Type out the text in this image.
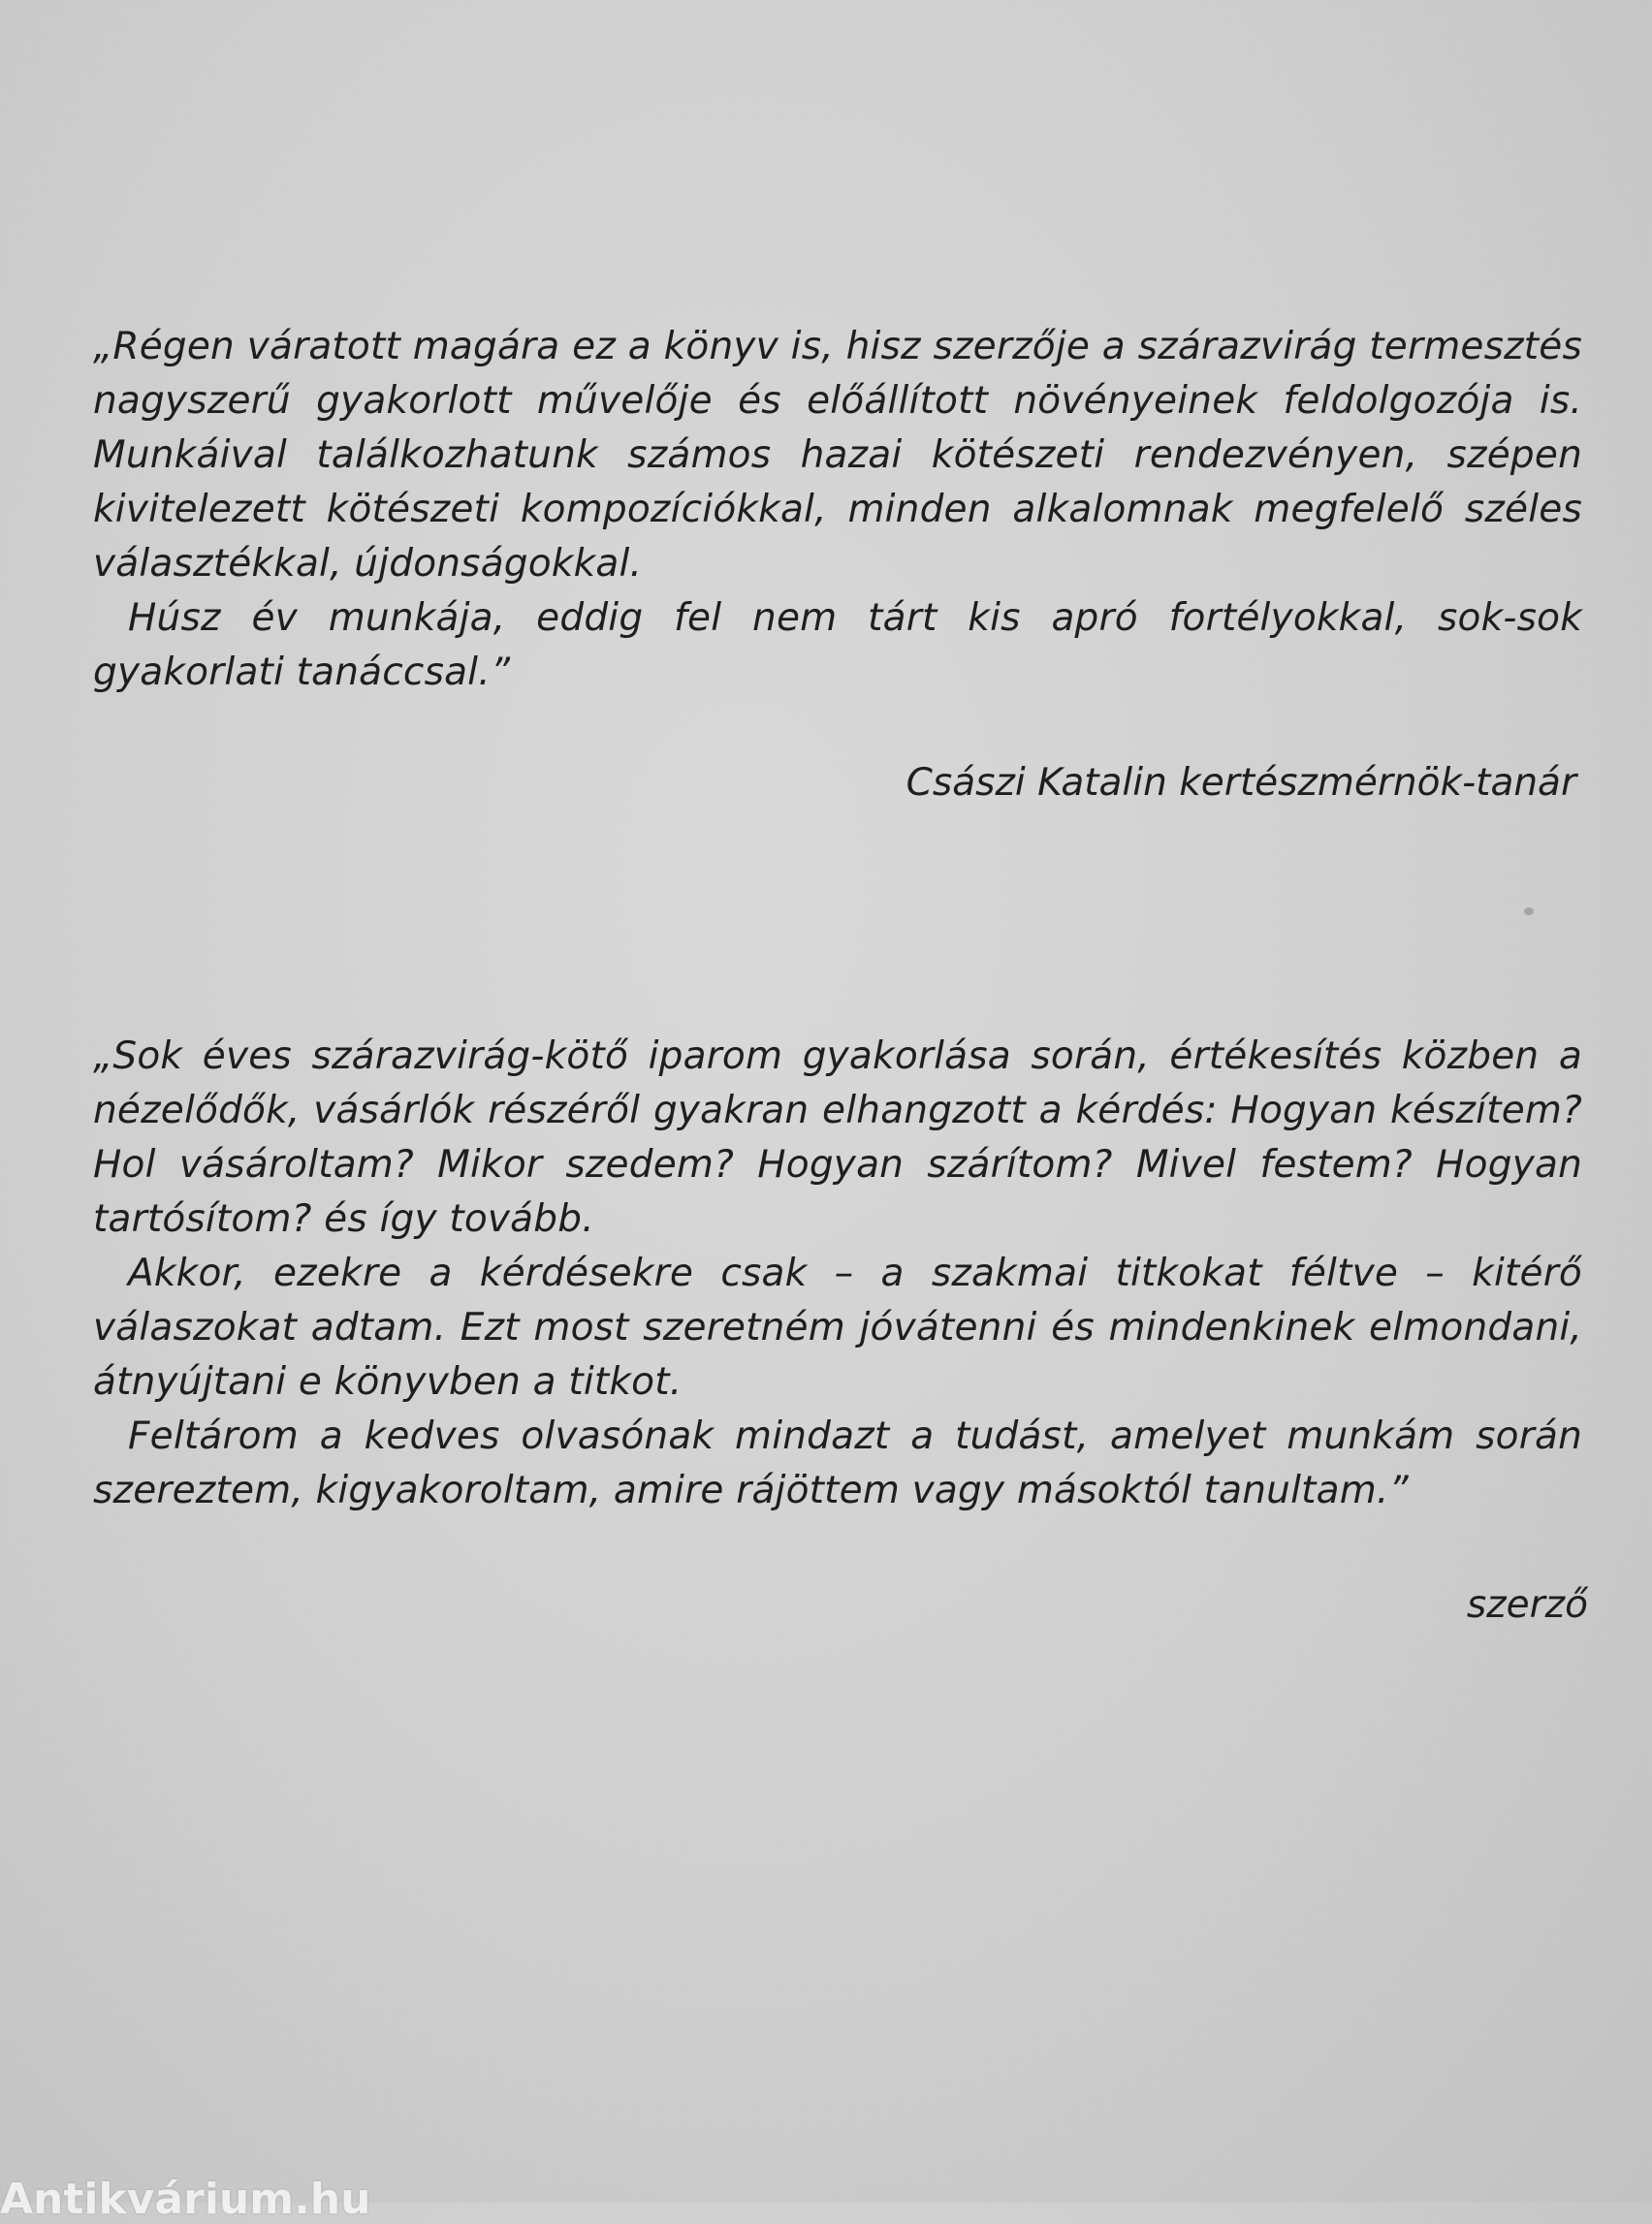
„Régen váratott magára ez a könyv is, hisz szerzője a szárazvirág termesztés nagyszerű gyakorlott művelője és előállított növényeinek feldolgozója is. Munkáival találkozhatunk számos hazai kötészeti rendezvényen, szépen kivitelezett kötészeti kompozíciókkal, minden alkalomnak megfelelő széles választékkal, újdonságokkal.

Húsz év munkája, eddig fel nem tárt kis apró fortélyokkal, sok-sok gyakorlati tanáccsal.”

Császi Katalin kertészmérnök-tanár

„Sok éves szárazvirág-kötő iparom gyakorlása során, értékesítés közben a nézelődők, vásárlók részéről gyakran elhangzott a kérdés: Hogyan készítem? Hol vásároltam? Mikor szedem? Hogyan szárítom? Mivel festem? Hogyan tartósítom? és így tovább.

Akkor, ezekre a kérdésekre csak – a szakmai titkokat féltve – kitérő válaszokat adtam. Ezt most szeretném jóvátenni és mindenkinek elmondani, átnyújtani e könyvben a titkot.

Feltárom a kedves olvasónak mindazt a tudást, amelyet munkám során szereztem, kigyakoroltam, amire rájöttem vagy másoktól tanultam.”

szerző
Antikvárium.hu
